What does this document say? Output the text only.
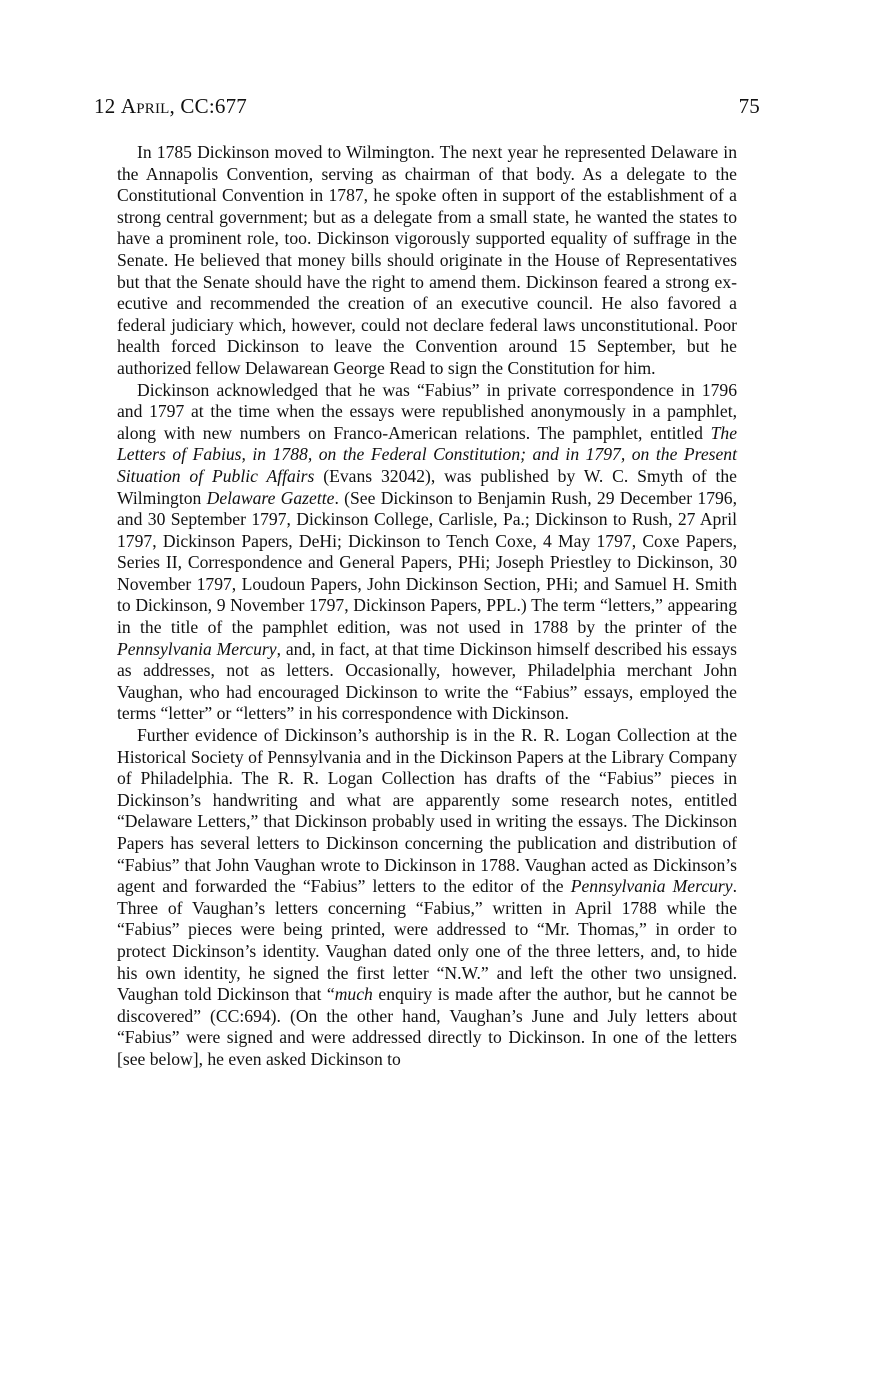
12 April, CC:677	75

In 1785 Dickinson moved to Wilmington. The next year he represented Delaware in the Annapolis Convention, serving as chairman of that body. As a delegate to the Constitutional Convention in 1787, he spoke often in support of the establishment of a strong central government; but as a delegate from a small state, he wanted the states to have a prominent role, too. Dickinson vigorously supported equality of suffrage in the Senate. He believed that money bills should originate in the House of Representatives but that the Senate should have the right to amend them. Dickinson feared a strong executive and recommended the creation of an executive council. He also favored a federal judiciary which, however, could not declare federal laws unconstitutional. Poor health forced Dickinson to leave the Convention around 15 September, but he authorized fellow Delawarean George Read to sign the Constitution for him.

Dickinson acknowledged that he was “Fabius” in private correspondence in 1796 and 1797 at the time when the essays were republished anonymously in a pamphlet, along with new numbers on Franco-American relations. The pamphlet, entitled The Letters of Fabius, in 1788, on the Federal Constitution; and in 1797, on the Present Situation of Public Affairs (Evans 32042), was published by W. C. Smyth of the Wilmington Delaware Gazette. (See Dickinson to Benjamin Rush, 29 December 1796, and 30 September 1797, Dickinson College, Carlisle, Pa.; Dickinson to Rush, 27 April 1797, Dickinson Papers, DeHi; Dickinson to Tench Coxe, 4 May 1797, Coxe Papers, Series II, Correspondence and General Papers, PHi; Joseph Priestley to Dickinson, 30 November 1797, Loudoun Papers, John Dickinson Section, PHi; and Samuel H. Smith to Dickinson, 9 November 1797, Dickinson Papers, PPL.) The term “letters,” appearing in the title of the pamphlet edition, was not used in 1788 by the printer of the Pennsylvania Mercury, and, in fact, at that time Dickinson himself described his essays as addresses, not as letters. Occasionally, however, Philadelphia merchant John Vaughan, who had encouraged Dickinson to write the “Fabius” essays, employed the terms “letter” or “letters” in his correspondence with Dickinson.

Further evidence of Dickinson’s authorship is in the R. R. Logan Collection at the Historical Society of Pennsylvania and in the Dickinson Papers at the Library Company of Philadelphia. The R. R. Logan Collection has drafts of the “Fabius” pieces in Dickinson’s handwriting and what are apparently some research notes, entitled “Delaware Letters,” that Dickinson probably used in writing the essays. The Dickinson Papers has several letters to Dickinson concerning the publication and distribution of “Fabius” that John Vaughan wrote to Dickinson in 1788. Vaughan acted as Dickinson’s agent and forwarded the “Fabius” letters to the editor of the Pennsylvania Mercury. Three of Vaughan’s letters concerning “Fabius,” written in April 1788 while the “Fabius” pieces were being printed, were addressed to “Mr. Thomas,” in order to protect Dickinson’s identity. Vaughan dated only one of the three letters, and, to hide his own identity, he signed the first letter “N.W.” and left the other two unsigned. Vaughan told Dickinson that “much enquiry is made after the author, but he cannot be discovered” (CC:694). (On the other hand, Vaughan’s June and July letters about “Fabius” were signed and were addressed directly to Dickinson. In one of the letters [see below], he even asked Dickinson to
